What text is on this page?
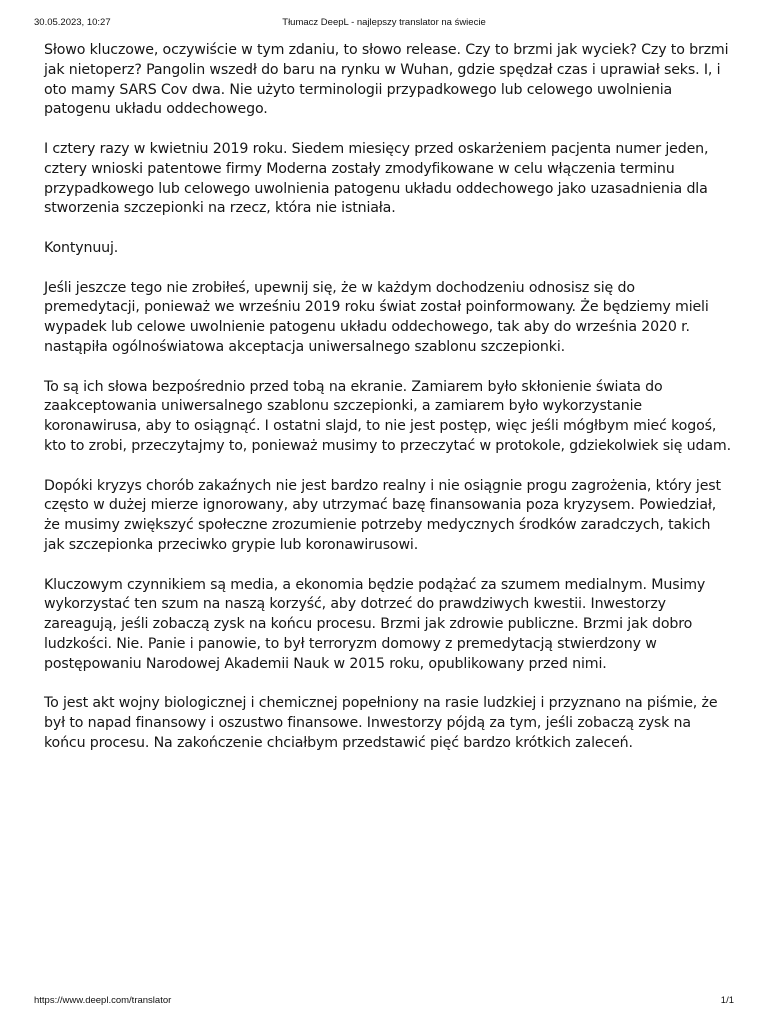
30.05.2023, 10:27	Tłumacz DeepL - najlepszy translator na świecie

Słowo kluczowe, oczywiście w tym zdaniu, to słowo release. Czy to brzmi jak wyciek? Czy to brzmi jak nietoperz? Pangolin wszedł do baru na rynku w Wuhan, gdzie spędzał czas i uprawiał seks. I, i oto mamy SARS Cov dwa. Nie użyto terminologii przypadkowego lub celowego uwolnienia patogenu układu oddechowego.

I cztery razy w kwietniu 2019 roku. Siedem miesięcy przed oskarżeniem pacjenta numer jeden, cztery wnioski patentowe firmy Moderna zostały zmodyfikowane w celu włączenia terminu przypadkowego lub celowego uwolnienia patogenu układu oddechowego jako uzasadnienia dla stworzenia szczepionki na rzecz, która nie istniała.

Kontynuuj.

Jeśli jeszcze tego nie zrobiłeś, upewnij się, że w każdym dochodzeniu odnosisz się do premedytacji, ponieważ we wrześniu 2019 roku świat został poinformowany. Że będziemy mieli wypadek lub celowe uwolnienie patogenu układu oddechowego, tak aby do września 2020 r. nastąpiła ogólnoświatowa akceptacja uniwersalnego szablonu szczepionki.

To są ich słowa bezpośrednio przed tobą na ekranie. Zamiarem było skłonienie świata do zaakceptowania uniwersalnego szablonu szczepionki, a zamiarem było wykorzystanie koronawirusa, aby to osiągnąć. I ostatni slajd, to nie jest postęp, więc jeśli mógłbym mieć kogoś, kto to zrobi, przeczytajmy to, ponieważ musimy to przeczytać w protokole, gdziekolwiek się udam.

Dopóki kryzys chorób zakaźnych nie jest bardzo realny i nie osiągnie progu zagrożenia, który jest często w dużej mierze ignorowany, aby utrzymać bazę finansowania poza kryzysem. Powiedział, że musimy zwiększyć społeczne zrozumienie potrzeby medycznych środków zaradczych, takich jak szczepionka przeciwko grypie lub koronawirusowi.

Kluczowym czynnikiem są media, a ekonomia będzie podążać za szumem medialnym. Musimy wykorzystać ten szum na naszą korzyść, aby dotrzeć do prawdziwych kwestii. Inwestorzy zareagują, jeśli zobaczą zysk na końcu procesu. Brzmi jak zdrowie publiczne. Brzmi jak dobro ludzkości. Nie. Panie i panowie, to był terroryzm domowy z premedytacją stwierdzony w postępowaniu Narodowej Akademii Nauk w 2015 roku, opublikowany przed nimi.

To jest akt wojny biologicznej i chemicznej popełniony na rasie ludzkiej i przyznano na piśmie, że był to napad finansowy i oszustwo finansowe. Inwestorzy pójdą za tym, jeśli zobaczą zysk na końcu procesu. Na zakończenie chciałbym przedstawić pięć bardzo krótkich zaleceń.

https://www.deepl.com/translator	1/1
